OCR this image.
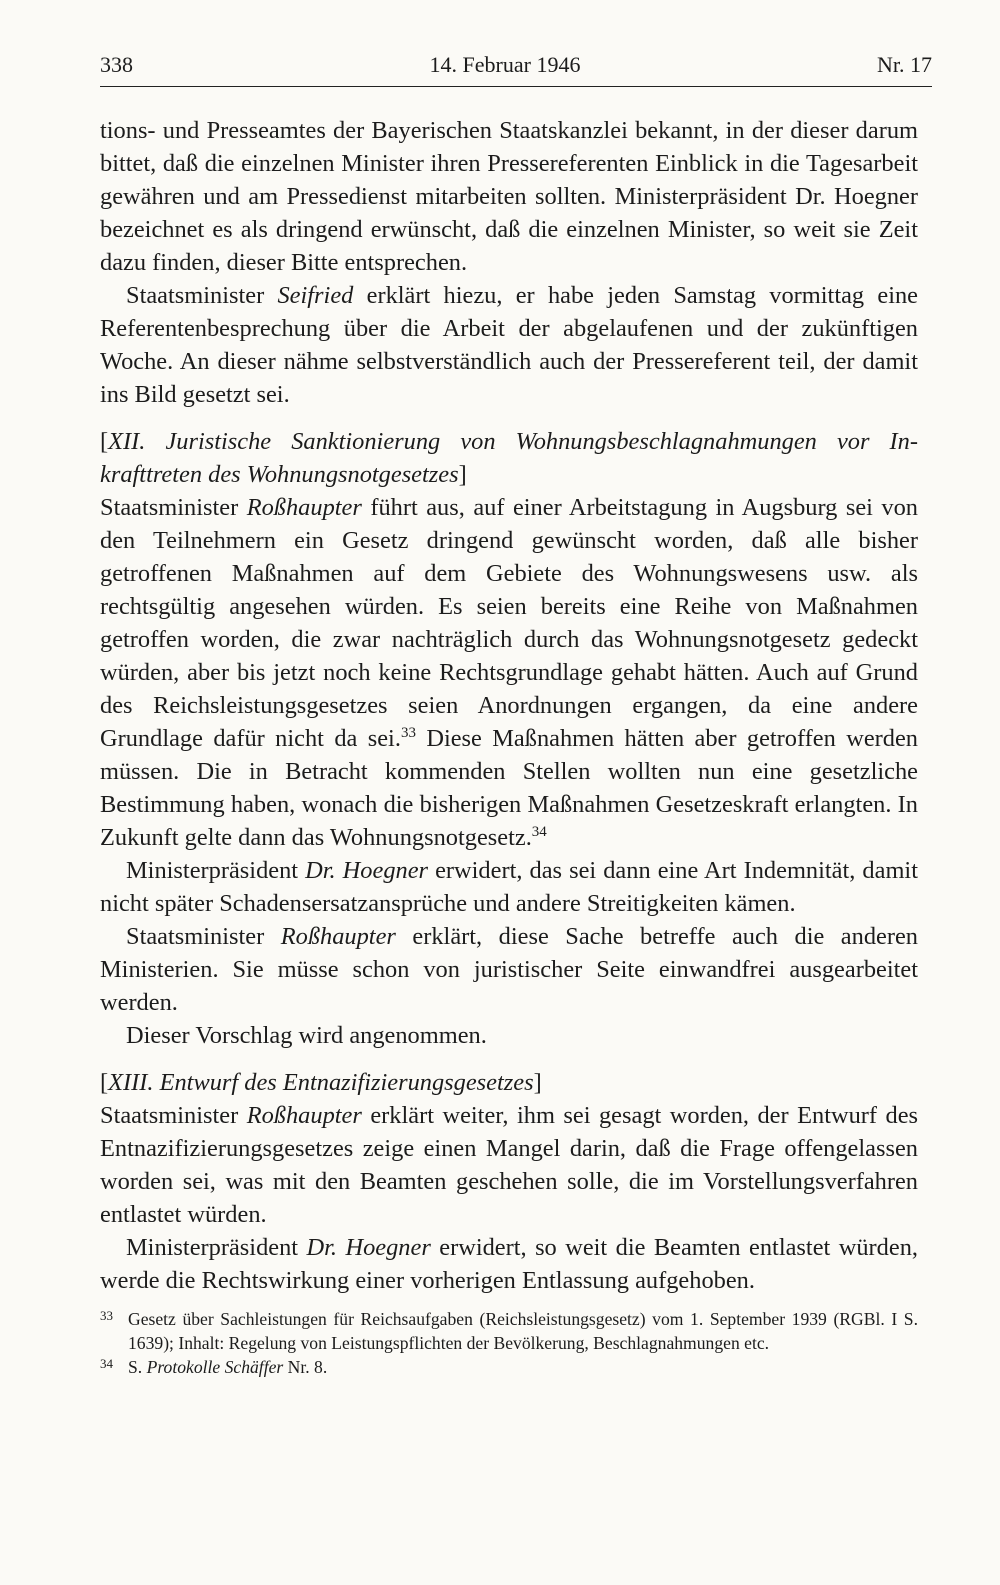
338	14. Februar 1946	Nr. 17

tions- und Presseamtes der Bayerischen Staatskanzlei bekannt, in der dieser darum bittet, daß die einzelnen Minister ihren Pressereferenten Einblick in die Tagesarbeit gewähren und am Pressedienst mitarbeiten sollten. Ministerpräsident Dr. Hoegner bezeichnet es als dringend erwünscht, daß die einzelnen Minister, so weit sie Zeit dazu finden, dieser Bitte entsprechen.

Staatsminister Seifried erklärt hiezu, er habe jeden Samstag vormittag eine Referentenbesprechung über die Arbeit der abgelaufenen und der zukünftigen Woche. An dieser nähme selbstverständlich auch der Pressereferent teil, der damit ins Bild gesetzt sei.

[XII. Juristische Sanktionierung von Wohnungsbeschlagnahmungen vor Inkrafttreten des Wohnungsnotgesetzes]

Staatsminister Roßhaupter führt aus, auf einer Arbeitstagung in Augsburg sei von den Teilnehmern ein Gesetz dringend gewünscht worden, daß alle bisher getroffenen Maßnahmen auf dem Gebiete des Wohnungswesens usw. als rechtsgültig angesehen würden. Es seien bereits eine Reihe von Maßnahmen getroffen worden, die zwar nachträglich durch das Wohnungsnotgesetz gedeckt würden, aber bis jetzt noch keine Rechtsgrundlage gehabt hätten. Auch auf Grund des Reichsleistungsgesetzes seien Anordnungen ergangen, da eine andere Grundlage dafür nicht da sei.$^{33}$ Diese Maßnahmen hätten aber getroffen werden müssen. Die in Betracht kommenden Stellen wollten nun eine gesetzliche Bestimmung haben, wonach die bisherigen Maßnahmen Gesetzeskraft erlangten. In Zukunft gelte dann das Wohnungsnotgesetz.$^{34}$

Ministerpräsident Dr. Hoegner erwidert, das sei dann eine Art Indemnität, damit nicht später Schadensersatzansprüche und andere Streitigkeiten kämen.

Staatsminister Roßhaupter erklärt, diese Sache betreffe auch die anderen Ministerien. Sie müsse schon von juristischer Seite einwandfrei ausgearbeitet werden.

Dieser Vorschlag wird angenommen.

[XIII. Entwurf des Entnazifizierungsgesetzes]

Staatsminister Roßhaupter erklärt weiter, ihm sei gesagt worden, der Entwurf des Entnazifizierungsgesetzes zeige einen Mangel darin, daß die Frage offengelassen worden sei, was mit den Beamten geschehen solle, die im Vorstellungsverfahren entlastet würden.

Ministerpräsident Dr. Hoegner erwidert, so weit die Beamten entlastet würden, werde die Rechtswirkung einer vorherigen Entlassung aufgehoben.

33 Gesetz über Sachleistungen für Reichsaufgaben (Reichsleistungsgesetz) vom 1. September 1939 (RGBl. I S. 1639); Inhalt: Regelung von Leistungspflichten der Bevölkerung, Beschlagnahmungen etc.
34 S. Protokolle Schäffer Nr. 8.
